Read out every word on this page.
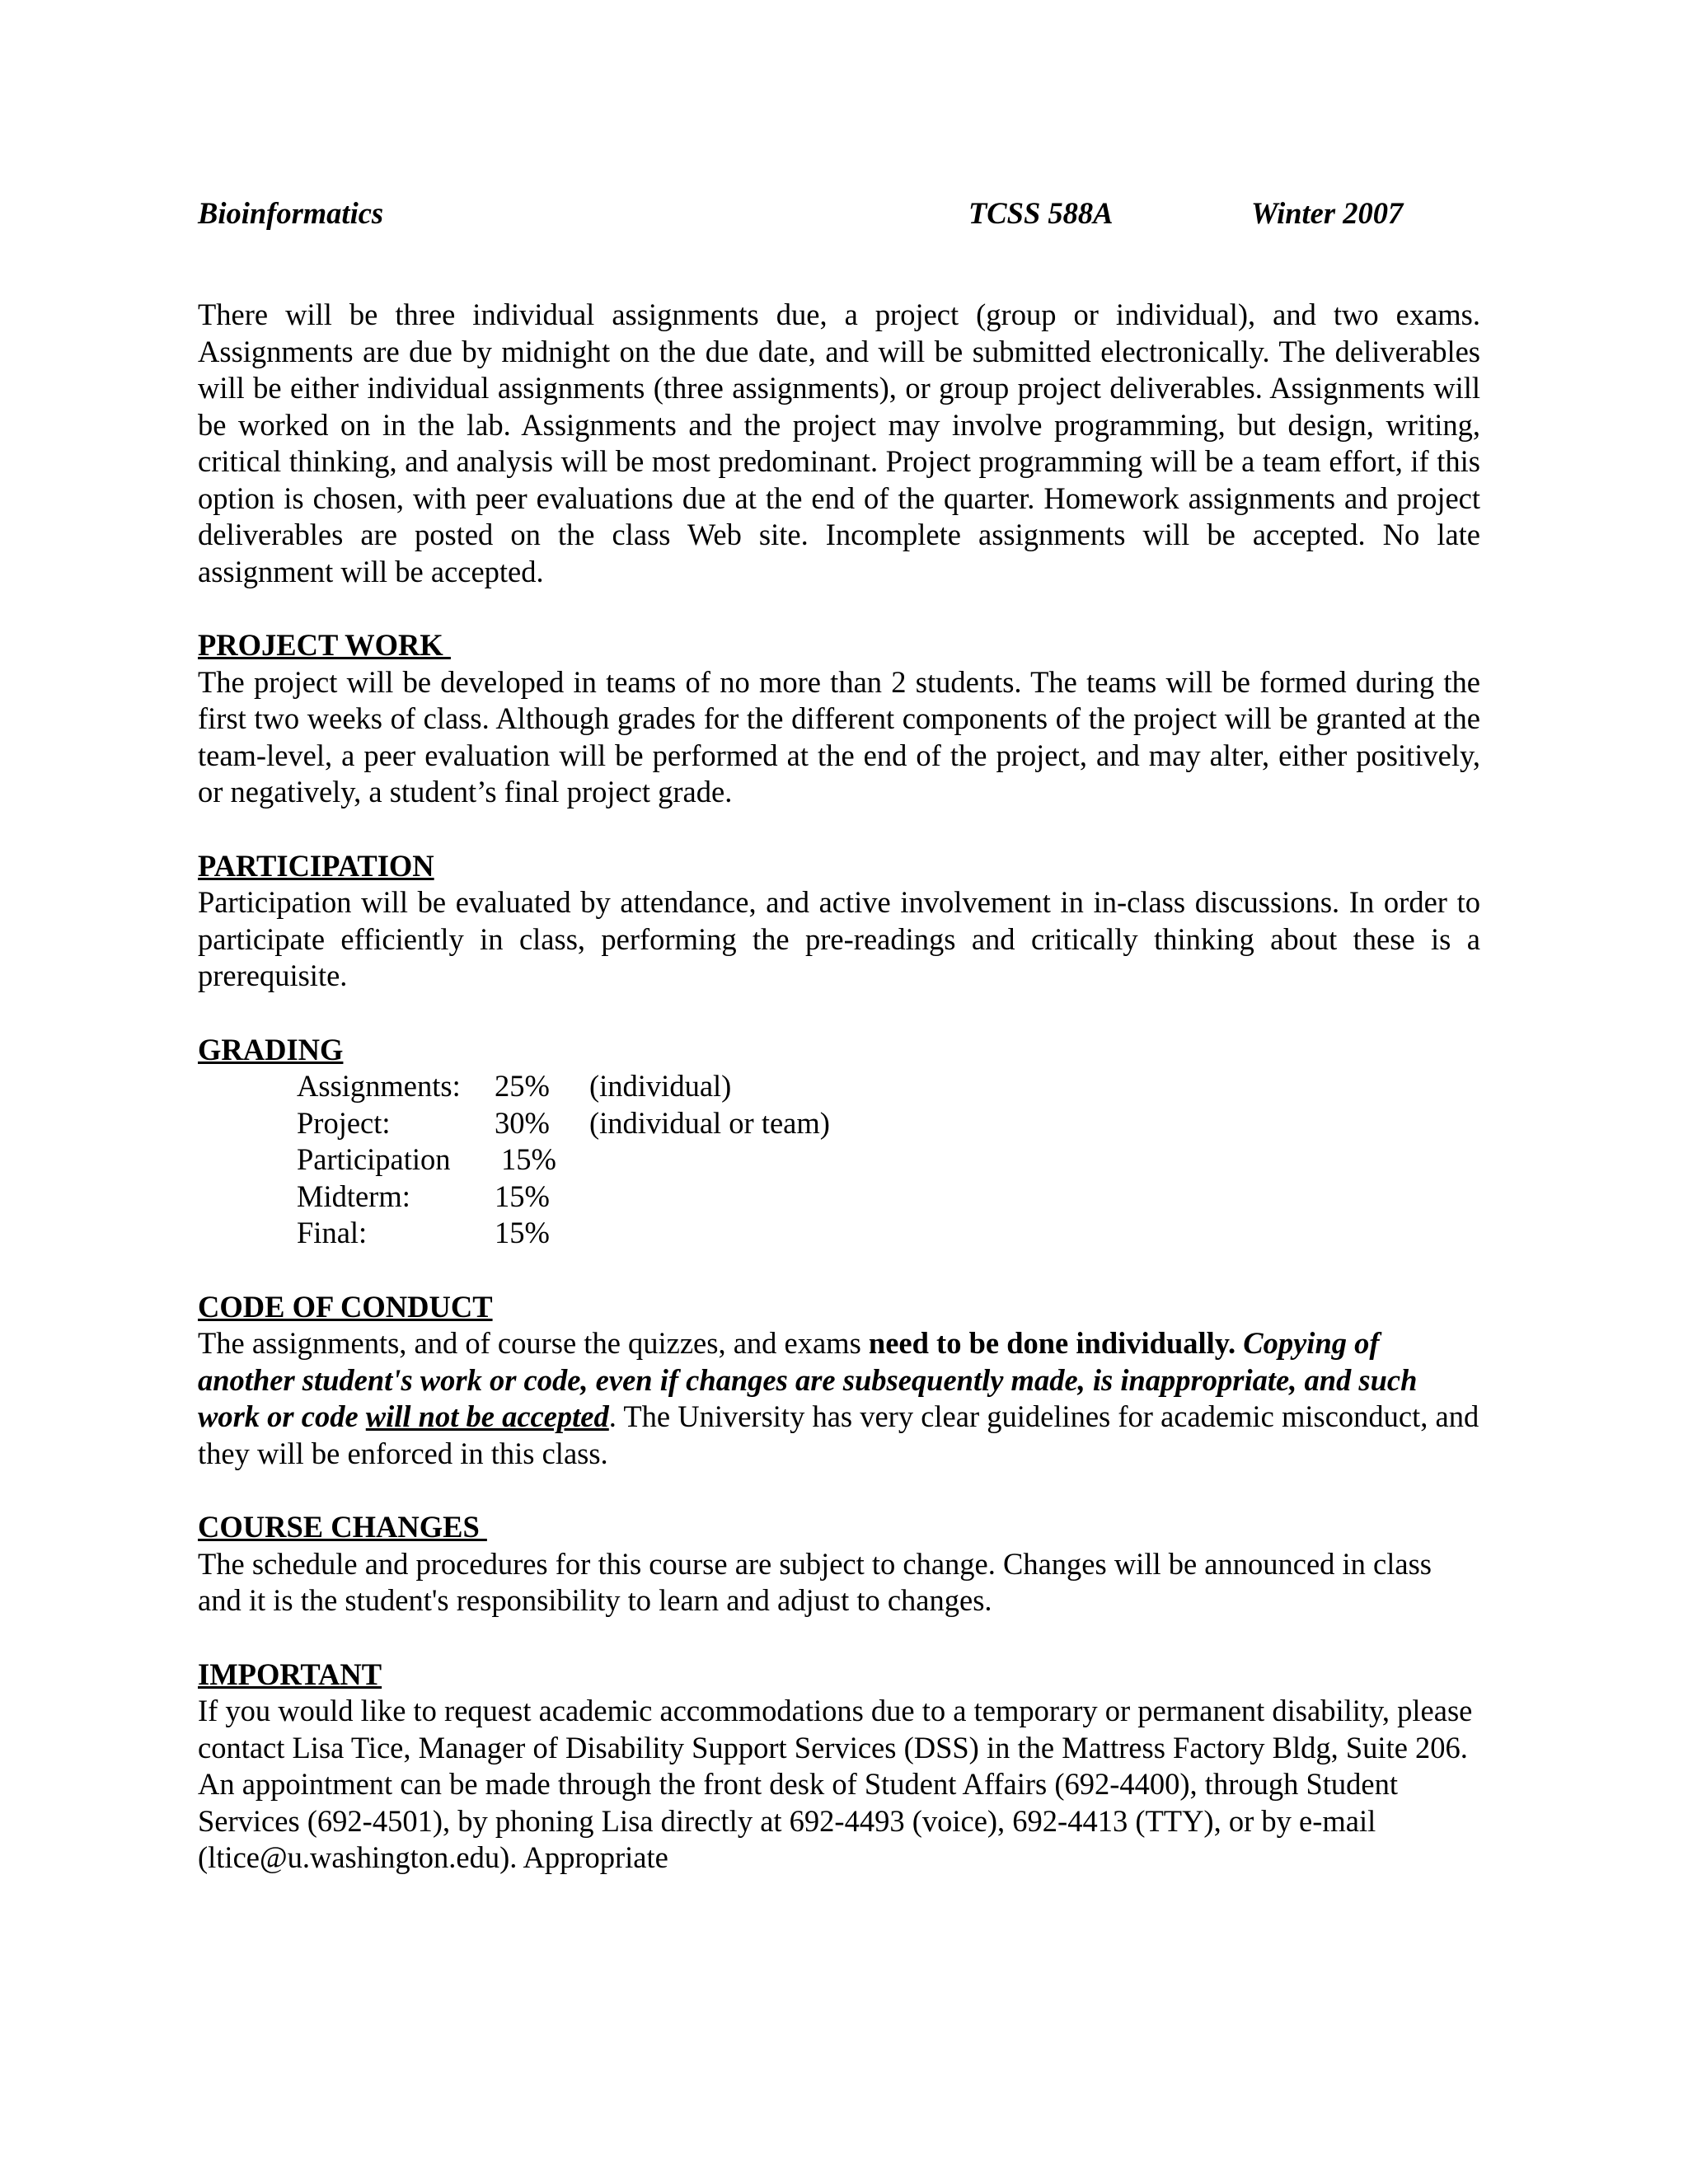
Bioinformatics	TCSS 588A	Winter 2007

There will be three individual assignments due, a project (group or individual), and two exams. Assignments are due by midnight on the due date, and will be submitted electronically. The deliverables will be either individual assignments (three assignments), or group project deliverables. Assignments will be worked on in the lab. Assignments and the project may involve programming, but design, writing, critical thinking, and analysis will be most predominant. Project programming will be a team effort, if this option is chosen, with peer evaluations due at the end of the quarter. Homework assignments and project deliverables are posted on the class Web site. Incomplete assignments will be accepted. No late assignment will be accepted.

PROJECT WORK

The project will be developed in teams of no more than 2 students. The teams will be formed during the first two weeks of class. Although grades for the different components of the project will be granted at the team-level, a peer evaluation will be performed at the end of the project, and may alter, either positively, or negatively, a student’s final project grade.

PARTICIPATION

Participation will be evaluated by attendance, and active involvement in in-class discussions. In order to participate efficiently in class, performing the pre-readings and critically thinking about these is a prerequisite.

GRADING

Assignments: 25% (individual)
Project:	30% (individual or team)
Participation 15%
Midterm:	15%
Final:	15%

CODE OF CONDUCT

The assignments, and of course the quizzes, and exams need to be done individually. Copying of another student's work or code, even if changes are subsequently made, is inappropriate, and such work or code will not be accepted. The University has very clear guidelines for academic misconduct, and they will be enforced in this class.

COURSE CHANGES

The schedule and procedures for this course are subject to change. Changes will be announced in class and it is the student's responsibility to learn and adjust to changes.

IMPORTANT

If you would like to request academic accommodations due to a temporary or permanent disability, please contact Lisa Tice, Manager of Disability Support Services (DSS) in the Mattress Factory Bldg, Suite 206. An appointment can be made through the front desk of Student Affairs (692-4400), through Student Services (692-4501), by phoning Lisa directly at 692-4493 (voice), 692-4413 (TTY), or by e-mail (ltice@u.washington.edu). Appropriate
